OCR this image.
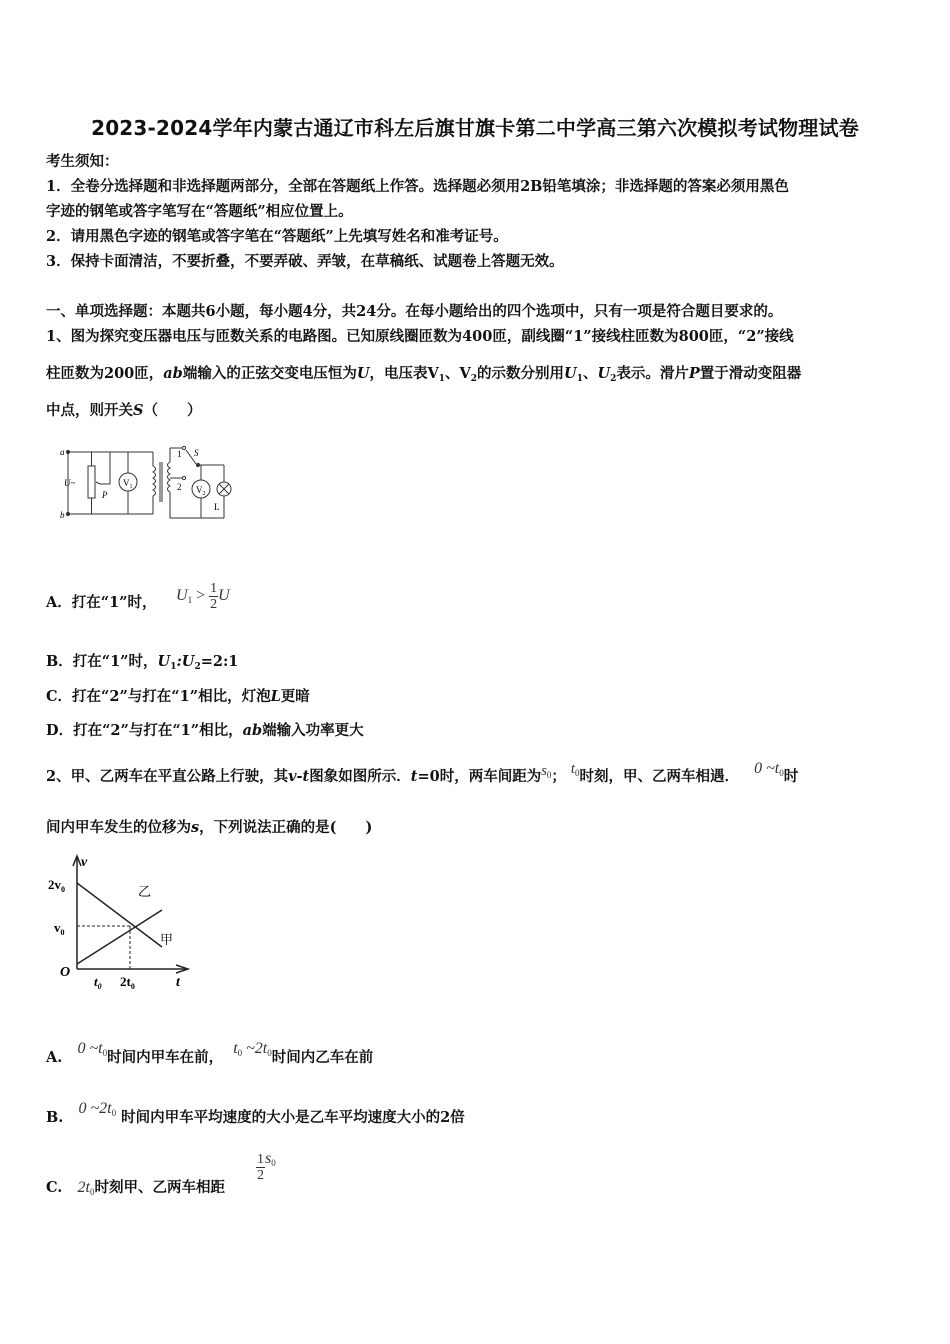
2023-2024学年内蒙古通辽市科左后旗甘旗卡第二中学高三第六次模拟考试物理试卷
考生须知：
1．全卷分选择题和非选择题两部分，全部在答题纸上作答。选择题必须用2B铅笔填涂；非选择题的答案必须用黑色
字迹的钢笔或答字笔写在“答题纸”相应位置上。
2．请用黑色字迹的钢笔或答字笔在“答题纸”上先填写姓名和准考证号。
3．保持卡面清洁，不要折叠，不要弄破、弄皱，在草稿纸、试题卷上答题无效。
一、单项选择题：本题共6小题，每小题4分，共24分。在每小题给出的四个选项中，只有一项是符合题目要求的。
1、图为探究变压器电压与匝数关系的电路图。已知原线圈匝数为400匝，副线圈“1”接线柱匝数为800匝，“2”接线
柱匝数为200匝，ab端输入的正弦交变电压恒为U，电压表$V_1$、$V_2$的示数分别用$U_1$、$U_2$表示。滑片P置于滑动变阻器
中点，则开关S（　　）
a
b
U~
P
$V_1$
1
2
S
$V_2$
L
A．打在“1”时， $U_1 > \frac{1}{2}$ U
B．打在“1”时，$U_1:U_2=2:1$
C．打在“2”与打在“1”相比，灯泡L更暗
D．打在“2”与打在“1”相比，ab端输入功率更大
2、甲、乙两车在平直公路上行驶，其v-t图象如图所示．t=0时，两车间距为$s_0$； $t_0$时刻，甲、乙两车相遇． 0 $\sim t_0$时
间内甲车发生的位移为s，下列说法正确的是(　　)
v
$2v_0$
$v_0$
O
$t_0$ $2t_0$	t
乙
甲
A.   0 $\sim t_0$时间内甲车在前，  $t_0$ $\sim 2t_0$时间内乙车在前
B.   0 $\sim 2t_0$ 时间内甲车平均速度的大小是乙车平均速度大小的2倍
C. $2t_0$时刻甲、乙两车相距
$\frac{1}{2} s_0$
